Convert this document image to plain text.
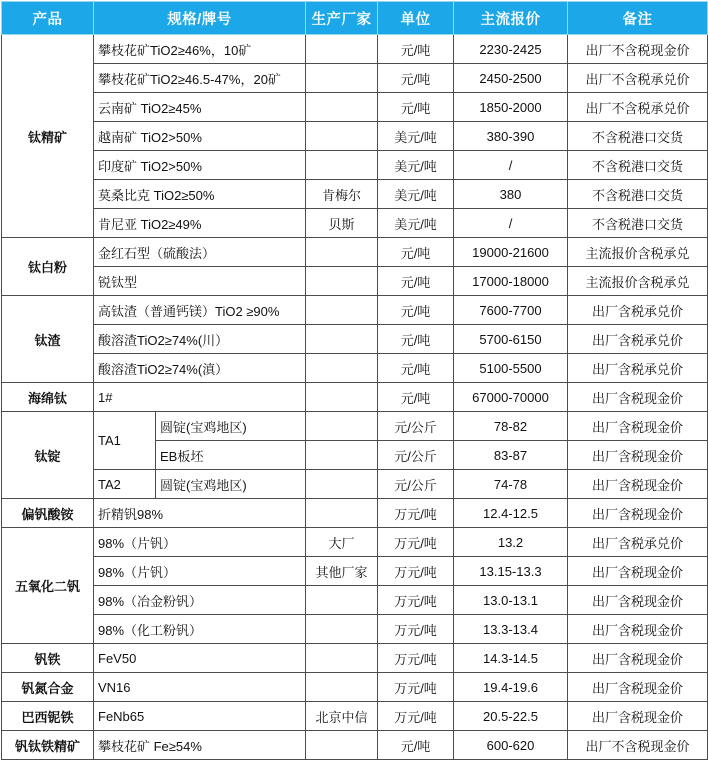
产品	规格/牌号		生产厂家	单位	主流报价	备注
钛精矿	攀枝花矿TiO2≥46%，10矿			元/吨	2230-2425	出厂不含税现金价
	攀枝花矿TiO2≥46.5-47%，20矿			元/吨	2450-2500	出厂不含税承兑价
	云南矿 TiO2≥45%			元/吨	1850-2000	出厂不含税承兑价
	越南矿 TiO2>50%			美元/吨	380-390	不含税港口交货
	印度矿 TiO2>50%			美元/吨	/	不含税港口交货
	莫桑比克 TiO2≥50%		肯梅尔	美元/吨	380	不含税港口交货
	肯尼亚 TiO2≥49%		贝斯	美元/吨	/	不含税港口交货
钛白粉	金红石型（硫酸法）			元/吨	19000-21600	主流报价含税承兑
	锐钛型			元/吨	17000-18000	主流报价含税承兑
钛渣	高钛渣（普通钙镁）TiO2 ≥90%			元/吨	7600-7700	出厂含税承兑价
	酸溶渣TiO2≥74%(川）			元/吨	5700-6150	出厂含税承兑价
	酸溶渣TiO2≥74%(滇）			元/吨	5100-5500	出厂含税承兑价
海绵钛	1#			元/吨	67000-70000	出厂含税现金价
钛锭	TA1	圆锭(宝鸡地区)		元/公斤	78-82	出厂含税现金价
		EB板坯		元/公斤	83-87	出厂含税现金价
	TA2	圆锭(宝鸡地区)		元/公斤	74-78	出厂含税现金价
偏钒酸铵	折精钒98%			万元/吨	12.4-12.5	出厂含税现金价
五氧化二钒	98%（片钒）		大厂	万元/吨	13.2	出厂含税承兑价
	98%（片钒）		其他厂家	万元/吨	13.15-13.3	出厂含税现金价
	98%（冶金粉钒）			万元/吨	13.0-13.1	出厂含税现金价
	98%（化工粉钒）			万元/吨	13.3-13.4	出厂含税现金价
钒铁	FeV50			万元/吨	14.3-14.5	出厂含税现金价
钒氮合金	VN16			万元/吨	19.4-19.6	出厂含税现金价
巴西铌铁	FeNb65		北京中信	万元/吨	20.5-22.5	出厂含税现金价
钒钛铁精矿	攀枝花矿 Fe≥54%			元/吨	600-620	出厂不含税现金价
